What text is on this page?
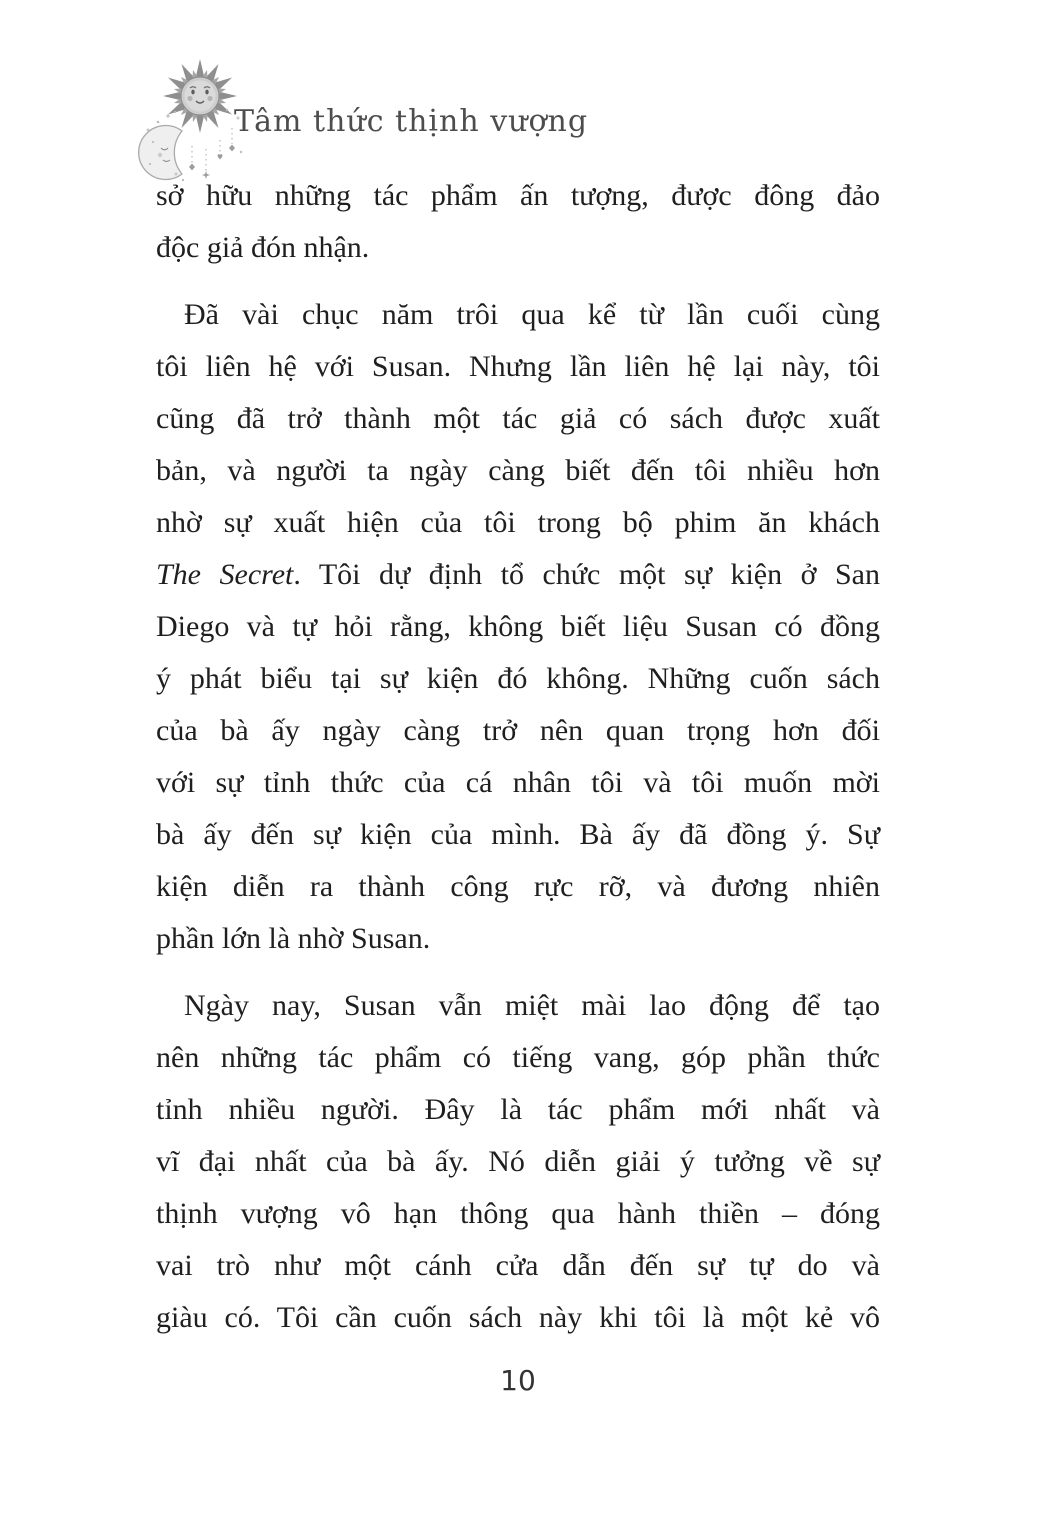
Tâm thức thịnh vượng
sở hữu những tác phẩm ấn tượng, được đông đảo
độc giả đón nhận.
Đã vài chục năm trôi qua kể từ lần cuối cùng
tôi liên hệ với Susan. Nhưng lần liên hệ lại này, tôi
cũng đã trở thành một tác giả có sách được xuất
bản, và người ta ngày càng biết đến tôi nhiều hơn
nhờ sự xuất hiện của tôi trong bộ phim ăn khách
The Secret. Tôi dự định tổ chức một sự kiện ở San
Diego và tự hỏi rằng, không biết liệu Susan có đồng
ý phát biểu tại sự kiện đó không. Những cuốn sách
của bà ấy ngày càng trở nên quan trọng hơn đối
với sự tỉnh thức của cá nhân tôi và tôi muốn mời
bà ấy đến sự kiện của mình. Bà ấy đã đồng ý. Sự
kiện diễn ra thành công rực rỡ, và đương nhiên
phần lớn là nhờ Susan.
Ngày nay, Susan vẫn miệt mài lao động để tạo
nên những tác phẩm có tiếng vang, góp phần thức
tỉnh nhiều người. Đây là tác phẩm mới nhất và
vĩ đại nhất của bà ấy. Nó diễn giải ý tưởng về sự
thịnh vượng vô hạn thông qua hành thiền – đóng
vai trò như một cánh cửa dẫn đến sự tự do và
giàu có. Tôi cần cuốn sách này khi tôi là một kẻ vô
10
